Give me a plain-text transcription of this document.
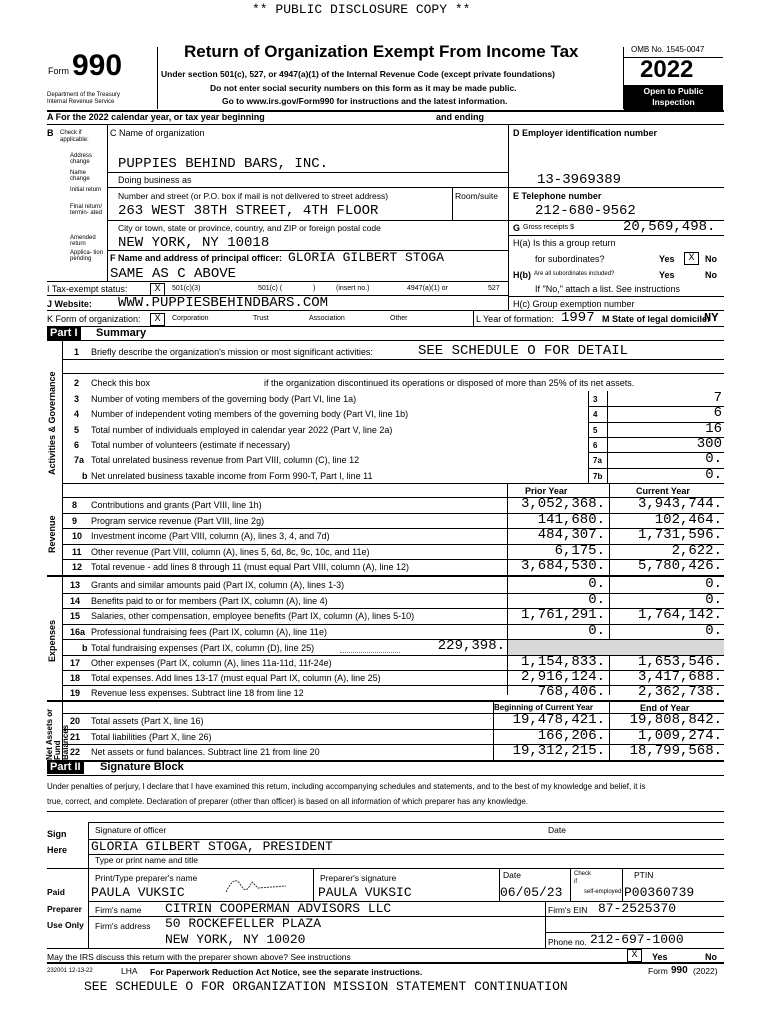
** PUBLIC DISCLOSURE COPY **
Form 990
Department of the Treasury
Internal Revenue Service
Return of Organization Exempt From Income Tax
Under section 501(c), 527, or 4947(a)(1) of the Internal Revenue Code (except private foundations)
Do not enter social security numbers on this form as it may be made public.
Go to www.irs.gov/Form990 for instructions and the latest information.
OMB No. 1545-0047
2022
Open to Public
Inspection
A For the 2022 calendar year, or tax year beginning	and ending
B Check if applicable:
Address change
Name change
Initial return
Final return/ termin- ated
Amended return
Applica- tion pending
C Name of organization
PUPPIES BEHIND BARS, INC.
Doing business as
Number and street (or P.O. box if mail is not delivered to street address)	Room/suite
263 WEST 38TH STREET, 4TH FLOOR
City or town, state or province, country, and ZIP or foreign postal code
NEW YORK, NY 10018
F Name and address of principal officer: GLORIA GILBERT STOGA
SAME AS C ABOVE
D Employer identification number
13-3969389
E Telephone number
212-680-9562
G Gross receipts $	20,569,498.
H(a) Is this a group return
for subordinates?	Yes	X	No
H(b) Are all subordinates included?	Yes	No
If "No," attach a list. See instructions
H(c) Group exemption number
I Tax-exempt status:	X	501(c)(3)	501(c) (	)	(insert no.)	4947(a)(1) or	527
J Website: WWW.PUPPIESBEHINDBARS.COM
K Form of organization:	X	Corporation	Trust	Association	Other	L Year of formation: 1997 M State of legal domicile:
NY
Part I Summary
Activities & Governance
Revenue
Expenses
Net Assets or Fund Balances
1 Briefly describe the organization's mission or most significant activities:	SEE SCHEDULE O FOR DETAIL
2 Check this box	if the organization discontinued its operations or disposed of more than 25% of its net assets.
Prior Year	Current Year
b Total fundraising expenses (Part IX, column (D), line 25)	229,398.
Beginning of Current Year	End of Year
Part II Signature Block
Under penalties of perjury, I declare that I have examined this return, including accompanying schedules and statements, and to the best of my knowledge and belief, it is
true, correct, and complete. Declaration of preparer (other than officer) is based on all information of which preparer has any knowledge.
Sign
Here
Signature of officer	Date
GLORIA GILBERT STOGA, PRESIDENT
Type or print name and title
Paid
Preparer
Use Only
Print/Type preparer's name	Preparer's signature	Date	Check
if
self-employed
PTIN
PAULA VUKSIC	PAULA VUKSIC	06/05/23	P00360739
Firm's name CITRIN COOPERMAN ADVISORS LLC	Firm's EIN 87-2525370
Firm's address 50 ROCKEFELLER PLAZA
NEW YORK, NY 10020	Phone no. 212-697-1000
May the IRS discuss this return with the preparer shown above? See instructions	X	Yes	No
232001 12-13-22	LHA For Paperwork Reduction Act Notice, see the separate instructions.	Form 990 (2022)
SEE SCHEDULE O FOR ORGANIZATION MISSION STATEMENT CONTINUATION
3 Number of voting members of the governing body (Part VI, line 1a)	3	7
4 Number of independent voting members of the governing body (Part VI, line 1b)	4	6
5 Total number of individuals employed in calendar year 2022 (Part V, line 2a)	5	16
6 Total number of volunteers (estimate if necessary)	6	300
7a Total unrelated business revenue from Part VIII, column (C), line 12	7a	0.
b Net unrelated business taxable income from Form 990-T, Part I, line 11	7b	0.
8 Contributions and grants (Part VIII, line 1h)	3,052,368.	3,943,744.
9 Program service revenue (Part VIII, line 2g)	141,680.	102,464.
10 Investment income (Part VIII, column (A), lines 3, 4, and 7d)	484,307.	1,731,596.
11 Other revenue (Part VIII, column (A), lines 5, 6d, 8c, 9c, 10c, and 11e)	6,175.	2,622.
12 Total revenue - add lines 8 through 11 (must equal Part VIII, column (A), line 12)	3,684,530.	5,780,426.
13 Grants and similar amounts paid (Part IX, column (A), lines 1-3)	0.	0.
14 Benefits paid to or for members (Part IX, column (A), line 4)	0.	0.
15 Salaries, other compensation, employee benefits (Part IX, column (A), lines 5-10)	1,761,291.	1,764,142.
16a Professional fundraising fees (Part IX, column (A), line 11e)	0.	0.
17 Other expenses (Part IX, column (A), lines 11a-11d, 11f-24e)	1,154,833.	1,653,546.
18 Total expenses. Add lines 13-17 (must equal Part IX, column (A), line 25)	2,916,124.	3,417,688.
19 Revenue less expenses. Subtract line 18 from line 12	768,406.	2,362,738.
20 Total assets (Part X, line 16)	19,478,421.	19,808,842.
21 Total liabilities (Part X, line 26)	166,206.	1,009,274.
22 Net assets or fund balances. Subtract line 21 from line 20	19,312,215.	18,799,568.
